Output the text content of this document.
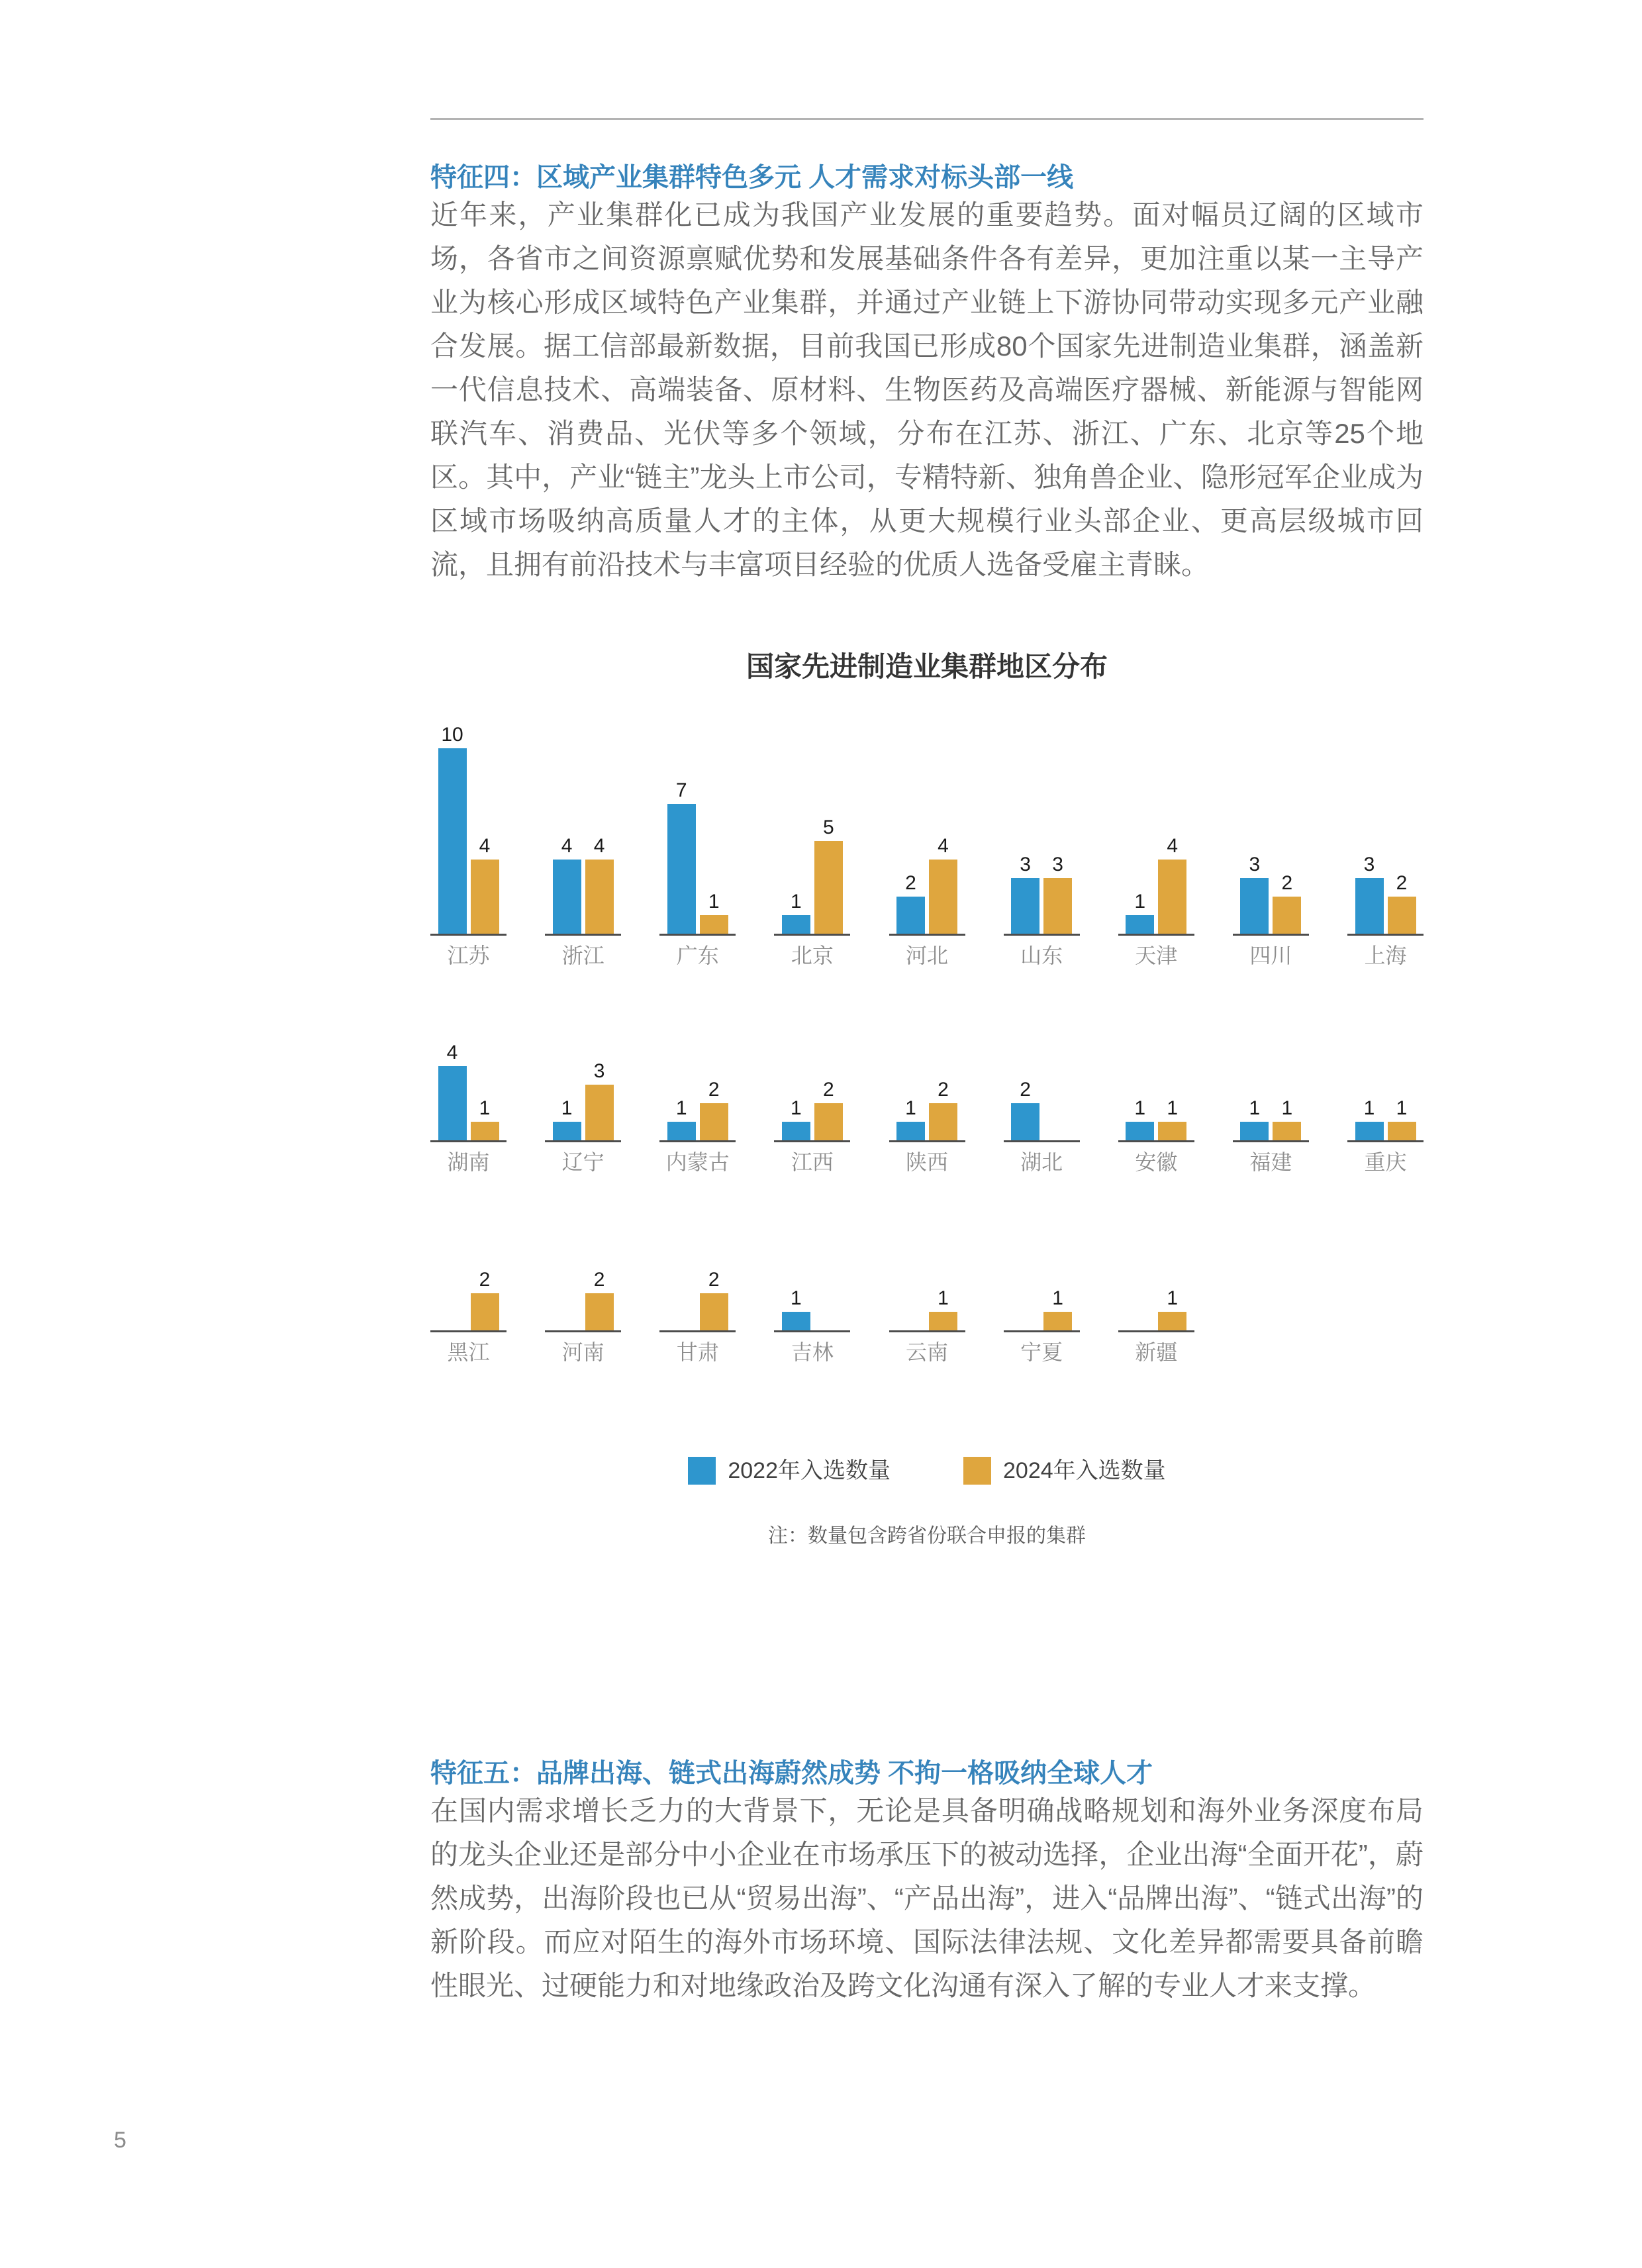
特征四：区域产业集群特色多元 人才需求对标头部一线
近年来，产业集群化已成为我国产业发展的重要趋势。面对幅员辽阔的区域市场，各省市之间资源禀赋优势和发展基础条件各有差异，更加注重以某一主导产业为核心形成区域特色产业集群，并通过产业链上下游协同带动实现多元产业融合发展。据工信部最新数据，目前我国已形成80个国家先进制造业集群，涵盖新一代信息技术、高端装备、原材料、生物医药及高端医疗器械、新能源与智能网联汽车、消费品、光伏等多个领域，分布在江苏、浙江、广东、北京等25个地区。其中，产业“链主”龙头上市公司，专精特新、独角兽企业、隐形冠军企业成为区域市场吸纳高质量人才的主体，从更大规模行业头部企业、更高层级城市回流，且拥有前沿技术与丰富项目经验的优质人选备受雇主青睐。
国家先进制造业集群地区分布
10
4
江苏
4 4
浙江
7
1
广东
1
5
北京
2
4
河北
3 3
山东
1
4
天津
3
2
四川
3
2
上海
4
1
湖南
1
3
辽宁
1
2
内蒙古
1
2
江西
1
2
陕西
2
湖北
1 1
安徽
1 1
福建
1 1
重庆
2
黑江
2
河南
2
甘肃
1
吉林
1
云南
1
宁夏
1
新疆
2022年入选数量	2024年入选数量
注：数量包含跨省份联合申报的集群
特征五：品牌出海、链式出海蔚然成势 不拘一格吸纳全球人才
在国内需求增长乏力的大背景下，无论是具备明确战略规划和海外业务深度布局的龙头企业还是部分中小企业在市场承压下的被动选择，企业出海“全面开花”，蔚然成势，出海阶段也已从“贸易出海”、“产品出海”，进入“品牌出海”、“链式出海”的新阶段。而应对陌生的海外市场环境、国际法律法规、文化差异都需要具备前瞻性眼光、过硬能力和对地缘政治及跨文化沟通有深入了解的专业人才来支撑。
5
